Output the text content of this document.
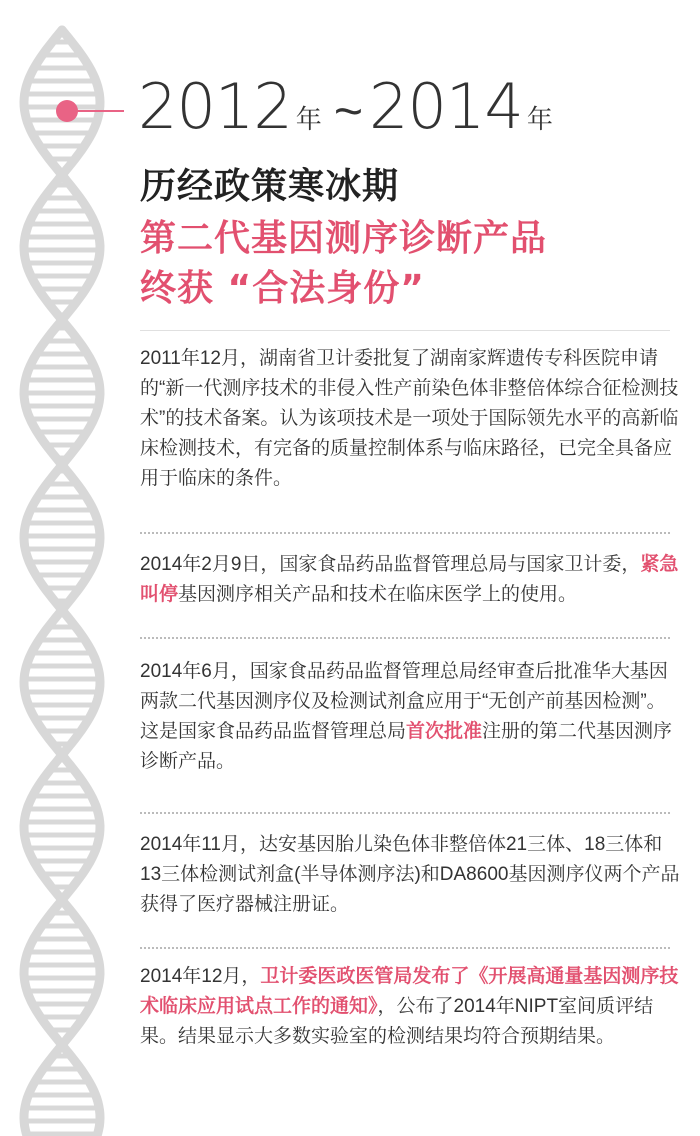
2012 年 ~2014 年
历经政策寒冰期
第二代基因测序诊断产品
终获 “合法身份”
2011年12月，湖南省卫计委批复了湖南家辉遗传专科医院申请的“新一代测序技术的非侵入性产前染色体非整倍体综合征检测技术”的技术备案。认为该项技术是一项处于国际领先水平的高新临床检测技术，有完备的质量控制体系与临床路径，已完全具备应用于临床的条件。
2014年2月9日，国家食品药品监督管理总局与国家卫计委，紧急叫停基因测序相关产品和技术在临床医学上的使用。
2014年6月，国家食品药品监督管理总局经审查后批准华大基因两款二代基因测序仪及检测试剂盒应用于“无创产前基因检测”。这是国家食品药品监督管理总局首次批准注册的第二代基因测序诊断产品。
2014年11月，达安基因胎儿染色体非整倍体21三体、18三体和13三体检测试剂盒(半导体测序法)和DA8600基因测序仪两个产品获得了医疗器械注册证。
2014年12月，卫计委医政医管局发布了《开展高通量基因测序技术临床应用试点工作的通知》，公布了2014年NIPT室间质评结果。结果显示大多数实验室的检测结果均符合预期结果。
